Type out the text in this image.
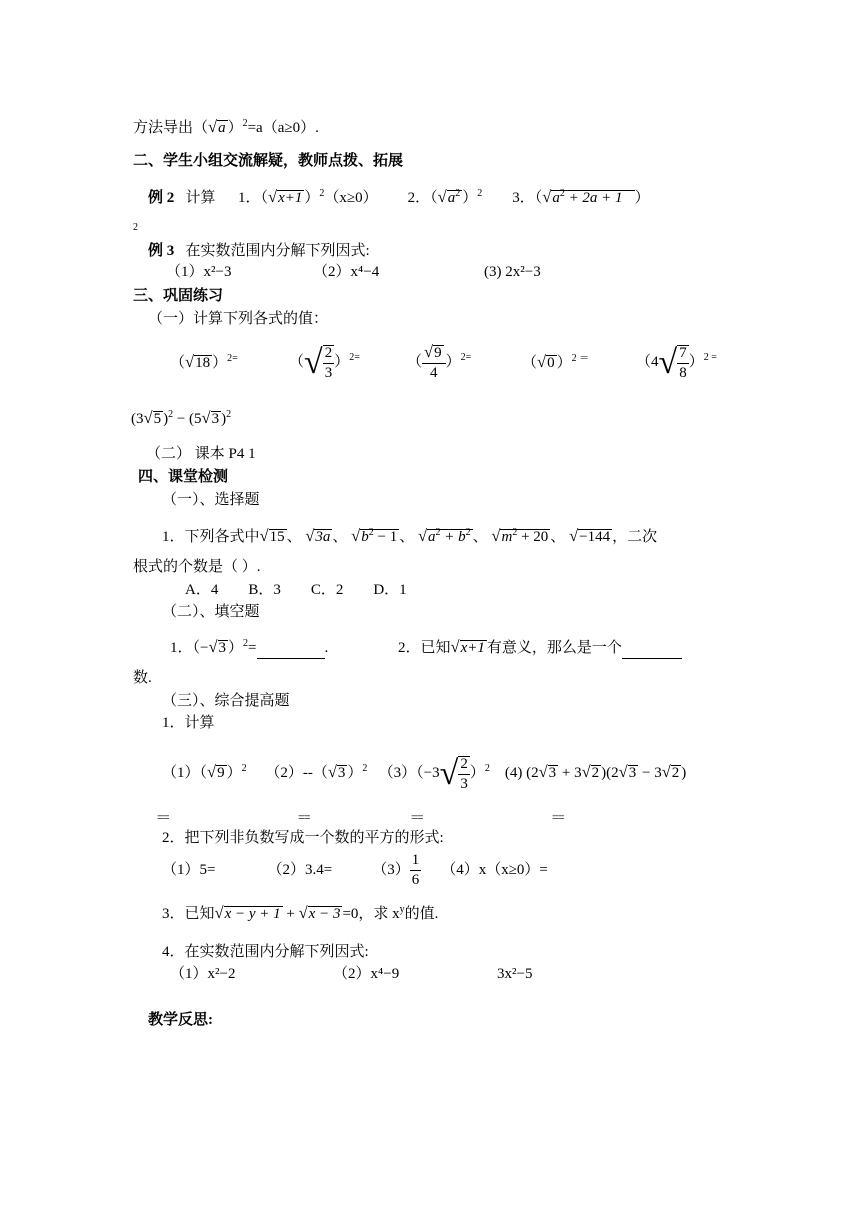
方法导出（√a ）$^2$=a（a≥0）.
二、学生小组交流解疑，教师点拨、拓展
例 2 计算 1．（√x+1 ）$^2$（x≥0） 2．（$√a^2$ ）$^2$ 3．（$√a^2 + 2a + 1$ ）
2
例 3 在实数范围内分解下列因式:
（1）x²−3	（2）x⁴−4	(3) 2x²−3
三、巩固练习
（一）计算下列各式的值：
（√18 ）$^{2=}$	（√ $\frac{2}{3} )^{2=}$	（ $\frac{√9}{4} )^{2=}$	（√0 ）$^{2 =}$	$(4√ \frac{7}{8} )^{2 =}$
(3√5 )$^2$ − (5√3 )$^2$
（二） 课本 P4 1
四、课堂检测
（一）、选择题
1．下列各式中√15 、 √3a 、 $√b^2 - 1$ 、 $√a^2 + b^2$ 、 $√m^2 + 20$ 、 √−144 ，二次
根式的个数是（ ）.
A．4        B．3        C．2        D．1
（二）、填空题
1．（−√3 ）$^2$=	.	2．已知√x+1 有意义，那么是一个
数.
（三）、综合提高题
1．计算
（1）（√9 ）$^2$ （2）--（√3 ）$^2$ $(3)(-3√ \frac{2}{3} )^2$ (4) (2√3 + 3√2 )(2√3 − 3√2 )
==	==	==	==
2．把下列非负数写成一个数的平方的形式:
（1）5=	（2）3.4=	$(3) \frac{1}{6} (4)x(x\ge 0)=$
3．已知√x − y + 1 + √x − 3 =0，求 $x^y$的值.
4．在实数范围内分解下列因式:
（1）x²−2	（2）x⁴−9	3x²−5
教学反思:
